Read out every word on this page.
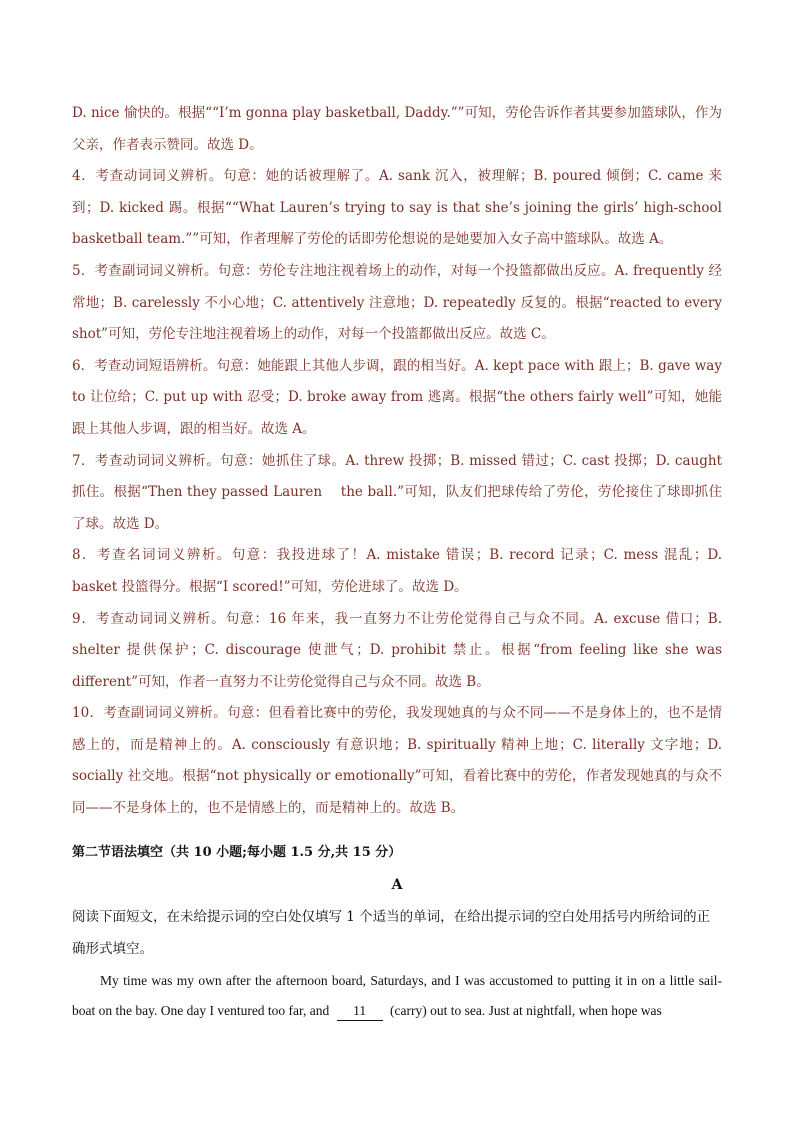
D. nice 愉快的。根据““I’m gonna play basketball, Daddy.””可知，劳伦告诉作者其要参加篮球队，作为父亲，作者表示赞同。故选 D。

4．考查动词词义辨析。句意：她的话被理解了。A. sank 沉入，被理解；B. poured 倾倒；C. came 来到；D. kicked 踢。根据““What Lauren’s trying to say is that she’s joining the girls’ high-school basketball team.””可知，作者理解了劳伦的话即劳伦想说的是她要加入女子高中篮球队。故选 A。

5．考查副词词义辨析。句意：劳伦专注地注视着场上的动作，对每一个投篮都做出反应。A. frequently 经常地；B. carelessly 不小心地；C. attentively 注意地；D. repeatedly 反复的。根据“reacted to every shot”可知，劳伦专注地注视着场上的动作，对每一个投篮都做出反应。故选 C。

6．考查动词短语辨析。句意：她能跟上其他人步调，跟的相当好。A. kept pace with 跟上；B. gave way to 让位给；C. put up with 忍受；D. broke away from 逃离。根据“the others fairly well”可知，她能跟上其他人步调，跟的相当好。故选 A。

7．考查动词词义辨析。句意：她抓住了球。A. threw 投掷；B. missed 错过；C. cast 投掷；D. caught 抓住。根据“Then they passed Lauren　 the ball.”可知，队友们把球传给了劳伦，劳伦接住了球即抓住了球。故选 D。

8．考查名词词义辨析。句意：我投进球了！A. mistake 错误；B. record 记录；C. mess 混乱；D. basket 投篮得分。根据“I scored!”可知，劳伦进球了。故选 D。

9．考查动词词义辨析。句意：16 年来，我一直努力不让劳伦觉得自己与众不同。A. excuse 借口；B. shelter 提供保护；C. discourage 使泄气；D. prohibit 禁止。根据“from feeling like she was different”可知，作者一直努力不让劳伦觉得自己与众不同。故选 B。

10．考查副词词义辨析。句意：但看着比赛中的劳伦，我发现她真的与众不同——不是身体上的，也不是情感上的，而是精神上的。A. consciously 有意识地；B. spiritually 精神上地；C. literally 文字地；D. socially 社交地。根据“not physically or emotionally”可知，看着比赛中的劳伦，作者发现她真的与众不同——不是身体上的，也不是情感上的，而是精神上的。故选 B。

第二节语法填空（共 10 小题;每小题 1.5 分,共 15 分）

A

阅读下面短文，在未给提示词的空白处仅填写 1 个适当的单词，在给出提示词的空白处用括号内所给词的正确形式填空。

My time was my own after the afternoon board, Saturdays, and I was accustomed to putting it in on a little sail-boat on the bay. One day I ventured too far, and 11 (carry) out to sea. Just at nightfall, when hope was
